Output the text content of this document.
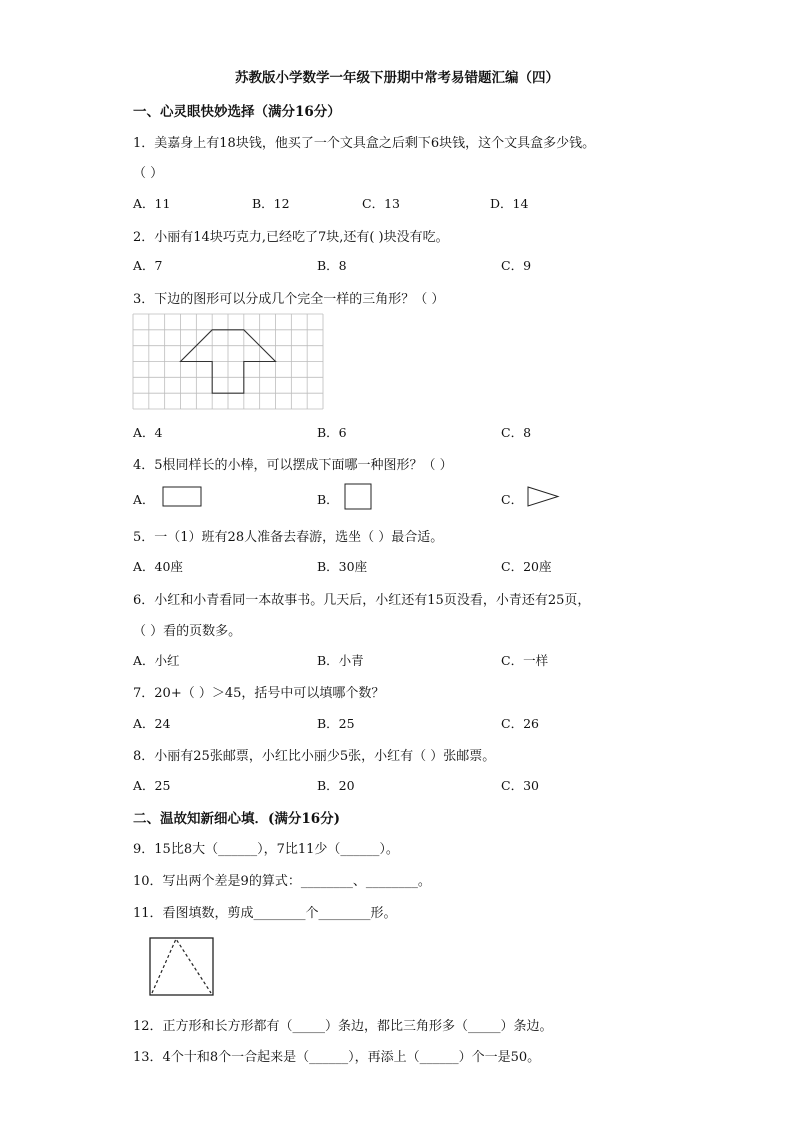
苏教版小学数学一年级下册期中常考易错题汇编（四）
一、心灵眼快妙选择（满分16分）
1．美嘉身上有18块钱，他买了一个文具盒之后剩下6块钱，这个文具盒多少钱。
（ ）
A．11	B．12	C．13	D．14
2．小丽有14块巧克力,已经吃了7块,还有( )块没有吃。
A．7	B．8	C．9
3．下边的图形可以分成几个完全一样的三角形？（ ）
A．4	B．6	C．8
4．5根同样长的小棒，可以摆成下面哪一种图形？（ ）
A．	B．	C．
5．一（1）班有28人准备去春游，选坐（ ）最合适。
A．40座	B．30座	C．20座
6．小红和小青看同一本故事书。几天后，小红还有15页没看，小青还有25页，
（ ）看的页数多。
A．小红	B．小青	C．一样
7．20+（ ）＞45，括号中可以填哪个数？
A．24	B．25	C．26
8．小丽有25张邮票，小红比小丽少5张，小红有（ ）张邮票。
A．25	B．20	C．30
二、温故知新细心填．(满分16分)
9．15比8大（______），7比11少（______）。
10．写出两个差是9的算式：________、________。
11．看图填数，剪成________个________形。
12．正方形和长方形都有（_____）条边，都比三角形多（_____）条边。
13．4个十和8个一合起来是（______），再添上（______）个一是50。
